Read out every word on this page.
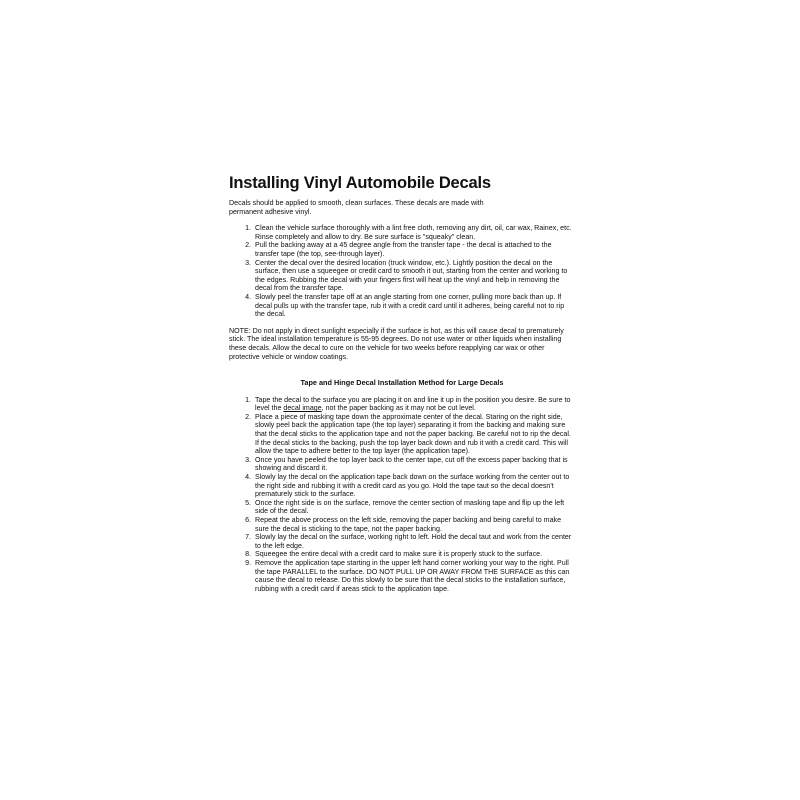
Installing Vinyl Automobile Decals

Decals should be applied to smooth, clean surfaces. These decals are made with permanent adhesive vinyl.

1. Clean the vehicle surface thoroughly with a lint free cloth, removing any dirt, oil, car wax, Rainex, etc. Rinse completely and allow to dry. Be sure surface is "squeaky" clean.
2. Pull the backing away at a 45 degree angle from the transfer tape - the decal is attached to the transfer tape (the top, see-through layer).
3. Center the decal over the desired location (truck window, etc.). Lightly position the decal on the surface, then use a squeegee or credit card to smooth it out, starting from the center and working to the edges. Rubbing the decal with your fingers first will heat up the vinyl and help in removing the decal from the transfer tape.
4. Slowly peel the transfer tape off at an angle starting from one corner, pulling more back than up. If decal pulls up with the transfer tape, rub it with a credit card until it adheres, being careful not to rip the decal.

NOTE: Do not apply in direct sunlight especially if the surface is hot, as this will cause decal to prematurely stick. The ideal installation temperature is 55-95 degrees. Do not use water or other liquids when installing these decals. Allow the decal to cure on the vehicle for two weeks before reapplying car wax or other protective vehicle or window coatings.

Tape and Hinge Decal Installation Method for Large Decals
1. Tape the decal to the surface you are placing it on and line it up in the position you desire. Be sure to level the decal image, not the paper backing as it may not be cut level.
2. Place a piece of masking tape down the approximate center of the decal. Staring on the right side, slowly peel back the application tape (the top layer) separating it from the backing and making sure that the decal sticks to the application tape and not the paper backing. Be careful not to rip the decal. If the decal sticks to the backing, push the top layer back down and rub it with a credit card. This will allow the tape to adhere better to the top layer (the application tape).
3. Once you have peeled the top layer back to the center tape, cut off the excess paper backing that is showing and discard it.
4. Slowly lay the decal on the application tape back down on the surface working from the center out to the right side and rubbing it with a credit card as you go. Hold the tape taut so the decal doesn't prematurely stick to the surface.
5. Once the right side is on the surface, remove the center section of masking tape and flip up the left side of the decal.
6. Repeat the above process on the left side, removing the paper backing and being careful to make sure the decal is sticking to the tape, not the paper backing.
7. Slowly lay the decal on the surface, working right to left. Hold the decal taut and work from the center to the left edge.
8. Squeegee the entire decal with a credit card to make sure it is properly stuck to the surface.
9. Remove the application tape starting in the upper left hand corner working your way to the right. Pull the tape PARALLEL to the surface. DO NOT PULL UP OR AWAY FROM THE SURFACE as this can cause the decal to release. Do this slowly to be sure that the decal sticks to the installation surface, rubbing with a credit card if areas stick to the application tape.
